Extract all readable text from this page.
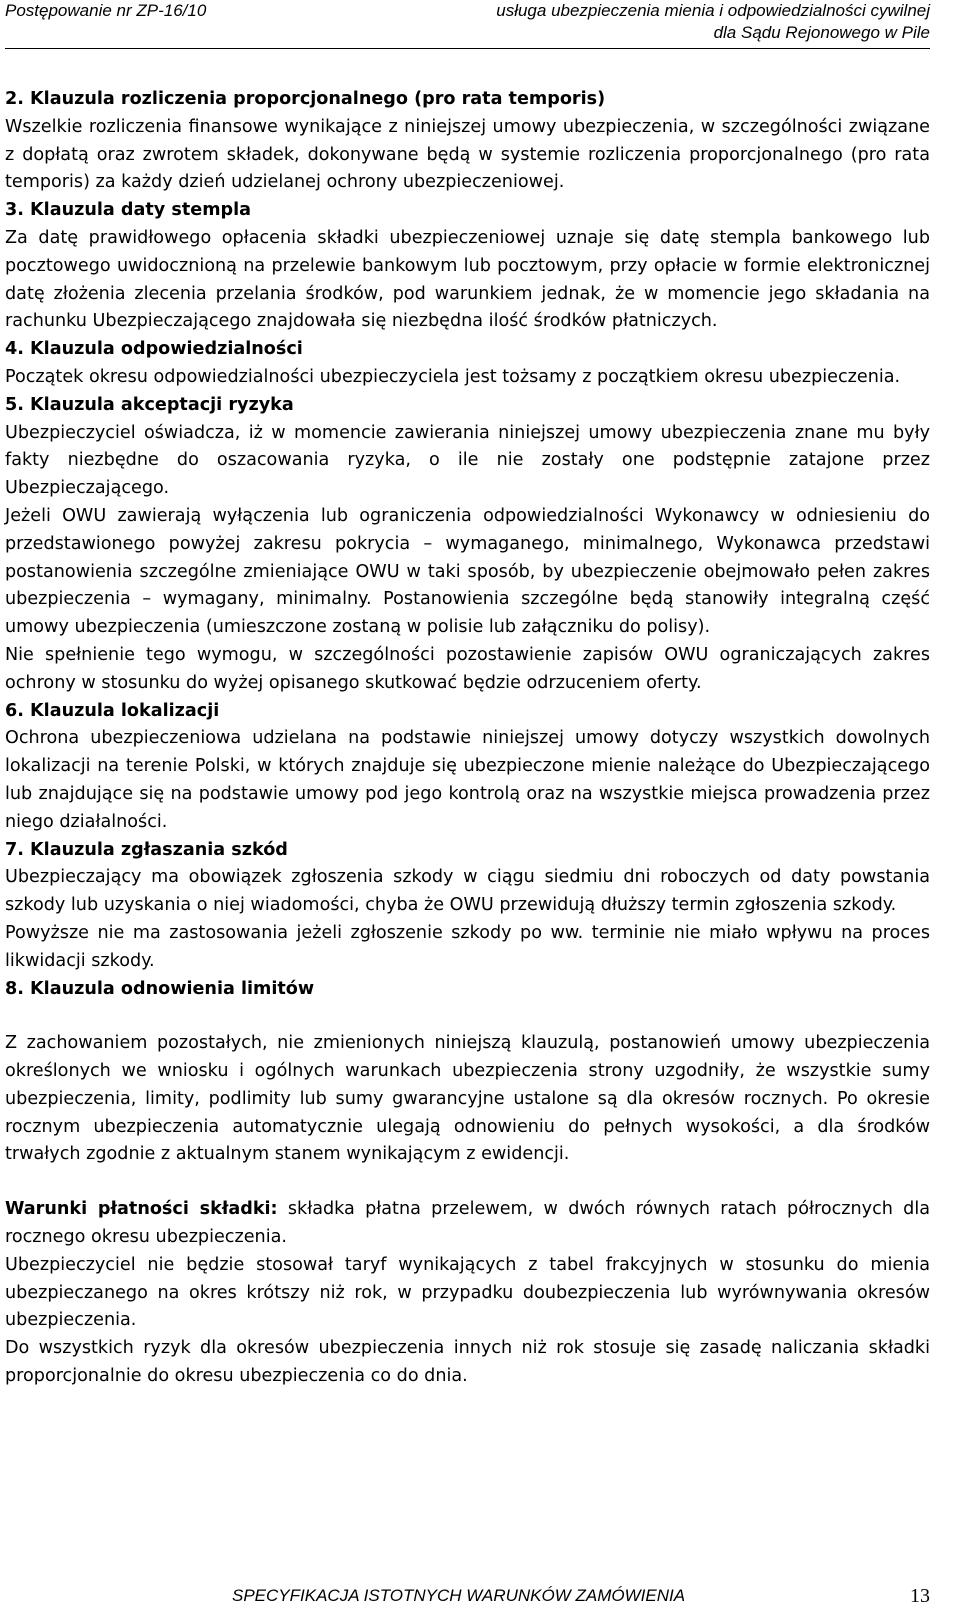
Postępowanie nr ZP-16/10	usługa ubezpieczenia mienia i odpowiedzialności cywilnej
dla Sądu Rejonowego w Pile

2. Klauzula rozliczenia proporcjonalnego (pro rata temporis)

Wszelkie rozliczenia finansowe wynikające z niniejszej umowy ubezpieczenia, w szczególności związane z dopłatą oraz zwrotem składek, dokonywane będą w systemie rozliczenia proporcjonalnego (pro rata temporis) za każdy dzień udzielanej ochrony ubezpieczeniowej.

3. Klauzula daty stempla

Za datę prawidłowego opłacenia składki ubezpieczeniowej uznaje się datę stempla bankowego lub pocztowego uwidocznioną na przelewie bankowym lub pocztowym, przy opłacie w formie elektronicznej datę złożenia zlecenia przelania środków, pod warunkiem jednak, że w momencie jego składania na rachunku Ubezpieczającego znajdowała się niezbędna ilość środków płatniczych.

4. Klauzula odpowiedzialności

Początek okresu odpowiedzialności ubezpieczyciela jest tożsamy z początkiem okresu ubezpieczenia.

5. Klauzula akceptacji ryzyka

Ubezpieczyciel oświadcza, iż w momencie zawierania niniejszej umowy ubezpieczenia znane mu były fakty niezbędne do oszacowania ryzyka, o ile nie zostały one podstępnie zatajone przez Ubezpieczającego.

Jeżeli OWU zawierają wyłączenia lub ograniczenia odpowiedzialności Wykonawcy w odniesieniu do przedstawionego powyżej zakresu pokrycia – wymaganego, minimalnego, Wykonawca przedstawi postanowienia szczególne zmieniające OWU w taki sposób, by ubezpieczenie obejmowało pełen zakres ubezpieczenia – wymagany, minimalny. Postanowienia szczególne będą stanowiły integralną część umowy ubezpieczenia (umieszczone zostaną w polisie lub załączniku do polisy).

Nie spełnienie tego wymogu, w szczególności pozostawienie zapisów OWU ograniczających zakres ochrony w stosunku do wyżej opisanego skutkować będzie odrzuceniem oferty.

6. Klauzula lokalizacji

Ochrona ubezpieczeniowa udzielana na podstawie niniejszej umowy dotyczy wszystkich dowolnych lokalizacji na terenie Polski, w których znajduje się ubezpieczone mienie należące do Ubezpieczającego lub znajdujące się na podstawie umowy pod jego kontrolą oraz na wszystkie miejsca prowadzenia przez niego działalności.

7. Klauzula zgłaszania szkód

Ubezpieczający ma obowiązek zgłoszenia szkody w ciągu siedmiu dni roboczych od daty powstania szkody lub uzyskania o niej wiadomości, chyba że OWU przewidują dłuższy termin zgłoszenia szkody.

Powyższe nie ma zastosowania jeżeli zgłoszenie szkody po ww. terminie nie miało wpływu na proces likwidacji szkody.

8. Klauzula odnowienia limitów

Z zachowaniem pozostałych, nie zmienionych niniejszą klauzulą, postanowień umowy ubezpieczenia określonych we wniosku i ogólnych warunkach ubezpieczenia strony uzgodniły, że wszystkie sumy ubezpieczenia, limity, podlimity lub sumy gwarancyjne ustalone są dla okresów rocznych. Po okresie rocznym ubezpieczenia automatycznie ulegają odnowieniu do pełnych wysokości, a dla środków trwałych zgodnie z aktualnym stanem wynikającym z ewidencji.

Warunki płatności składki: składka płatna przelewem, w dwóch równych ratach półrocznych dla rocznego okresu ubezpieczenia.

Ubezpieczyciel nie będzie stosował taryf wynikających z tabel frakcyjnych w stosunku do mienia ubezpieczanego na okres krótszy niż rok, w przypadku doubezpieczenia lub wyrównywania okresów ubezpieczenia.

Do wszystkich ryzyk dla okresów ubezpieczenia innych niż rok stosuje się zasadę naliczania składki proporcjonalnie do okresu ubezpieczenia co do dnia.

SPECYFIKACJA ISTOTNYCH WARUNKÓW ZAMÓWIENIA	13
